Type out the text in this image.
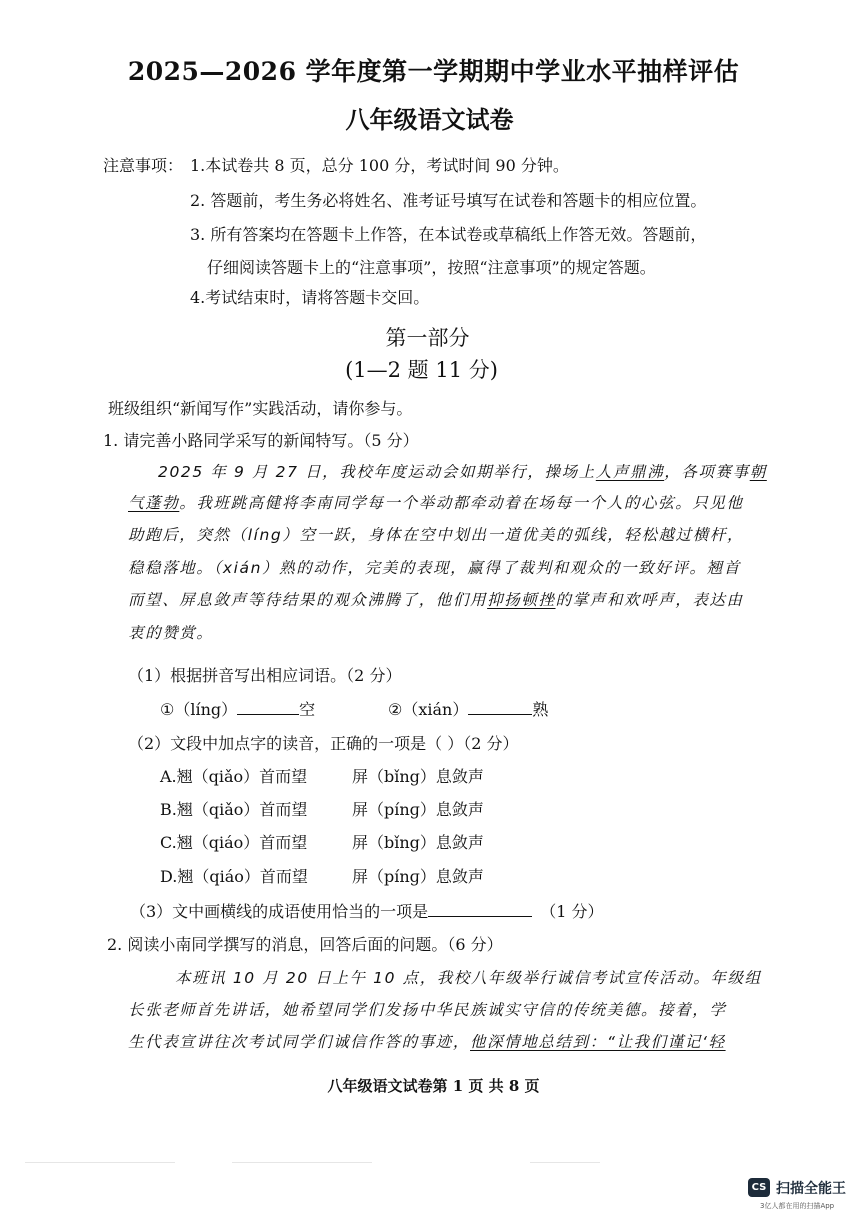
2025—2026 学年度第一学期期中学业水平抽样评估
八年级语文试卷
注意事项： 1.本试卷共 8 页，总分 100 分，考试时间 90 分钟。
2. 答题前，考生务必将姓名、准考证号填写在试卷和答题卡的相应位置。
3. 所有答案均在答题卡上作答，在本试卷或草稿纸上作答无效。答题前，
仔细阅读答题卡上的“注意事项”，按照“注意事项”的规定答题。
4.考试结束时，请将答题卡交回。
第一部分
(1—2 题 11 分)
班级组织“新闻写作”实践活动，请你参与。
1. 请完善小路同学采写的新闻特写。（5 分）
2025 年 9 月 27 日，我校年度运动会如期举行，操场上人声鼎沸，各项赛事朝
气蓬勃。我班跳高健将李南同学每一个举动都牵动着在场每一个人的心弦。只见他
助跑后，突然（líng）空一跃，身体在空中划出一道优美的弧线，轻松越过横杆，
稳稳落地。（xián）熟的动作，完美的表现，赢得了裁判和观众的一致好评。翘首
而望、屏息敛声等待结果的观众沸腾了，他们用抑扬顿挫的掌声和欢呼声，表达由
衷的赞赏。
（1）根据拼音写出相应词语。（2 分）
①（líng）	空	②（xián）	熟
（2）文段中加点字的读音，正确的一项是（ ）（2 分）
A.翘（qiǎo）首而望	屏（bǐng）息敛声
B.翘（qiǎo）首而望	屏（pínɡ）息敛声
C.翘（qiáo）首而望	屏（bǐng）息敛声
D.翘（qiáo）首而望	屏（pínɡ）息敛声
（3）文中画横线的成语使用恰当的一项是	（1 分）
2. 阅读小南同学撰写的消息，回答后面的问题。（6 分）
本班讯 10 月 20 日上午 10 点，我校八年级举行诚信考试宣传活动。年级组
长张老师首先讲话，她希望同学们发扬中华民族诚实守信的传统美德。接着，学
生代表宣讲往次考试同学们诚信作答的事迹，他深情地总结到：“让我们谨记‘轻
八年级语文试卷第 1 页 共 8 页
CS 扫描全能王
3亿人都在用的扫描App
